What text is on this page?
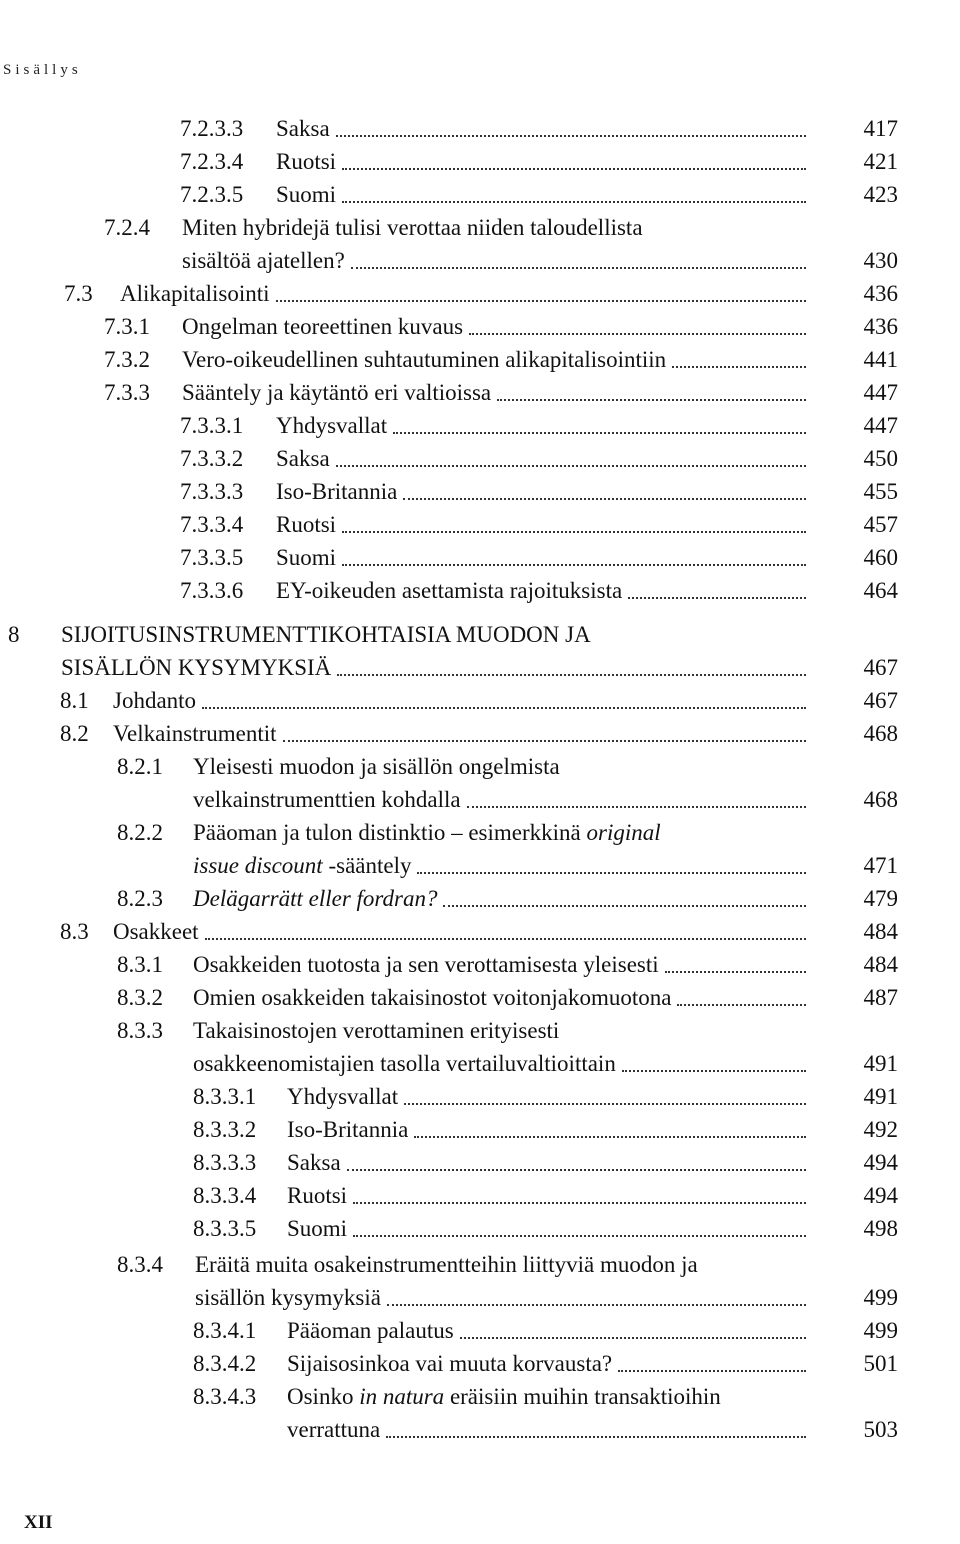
Sisällys
7.2.3.3 Saksa	417
7.2.3.4 Ruotsi	421
7.2.3.5 Suomi	423
7.2.4 Miten hybridejä tulisi verottaa niiden taloudellista
sisältöä ajatellen?	430
7.3 Alikapitalisointi	436
7.3.1 Ongelman teoreettinen kuvaus	436
7.3.2 Vero-oikeudellinen suhtautuminen alikapitalisointiin	441
7.3.3 Sääntely ja käytäntö eri valtioissa	447
7.3.3.1 Yhdysvallat	447
7.3.3.2 Saksa	450
7.3.3.3 Iso-Britannia	455
7.3.3.4 Ruotsi	457
7.3.3.5 Suomi	460
7.3.3.6 EY-oikeuden asettamista rajoituksista	464
8 SIJOITUSINSTRUMENTTIKOHTAISIA MUODON JA
SISÄLLÖN KYSYMYKSIÄ	467
8.1 Johdanto	467
8.2 Velkainstrumentit	468
8.2.1 Yleisesti muodon ja sisällön ongelmista
velkainstrumenttien kohdalla	468
8.2.2 Pääoman ja tulon distinktio – esimerkkinä original
issue discount -sääntely	471
8.2.3 Delägarrätt eller fordran?	479
8.3 Osakkeet	484
8.3.1 Osakkeiden tuotosta ja sen verottamisesta yleisesti	484
8.3.2 Omien osakkeiden takaisinostot voitonjakomuotona	487
8.3.3 Takaisinostojen verottaminen erityisesti
osakkeenomistajien tasolla vertailuvaltioittain	491
8.3.3.1 Yhdysvallat	491
8.3.3.2 Iso-Britannia	492
8.3.3.3 Saksa	494
8.3.3.4 Ruotsi	494
8.3.3.5 Suomi	498
8.3.4 Eräitä muita osakeinstrumentteihin liittyviä muodon ja
sisällön kysymyksiä	499
8.3.4.1 Pääoman palautus	499
8.3.4.2 Sijaisosinkoa vai muuta korvausta?	501
8.3.4.3 Osinko in natura eräisiin muihin transaktioihin
verrattuna	503
XII
